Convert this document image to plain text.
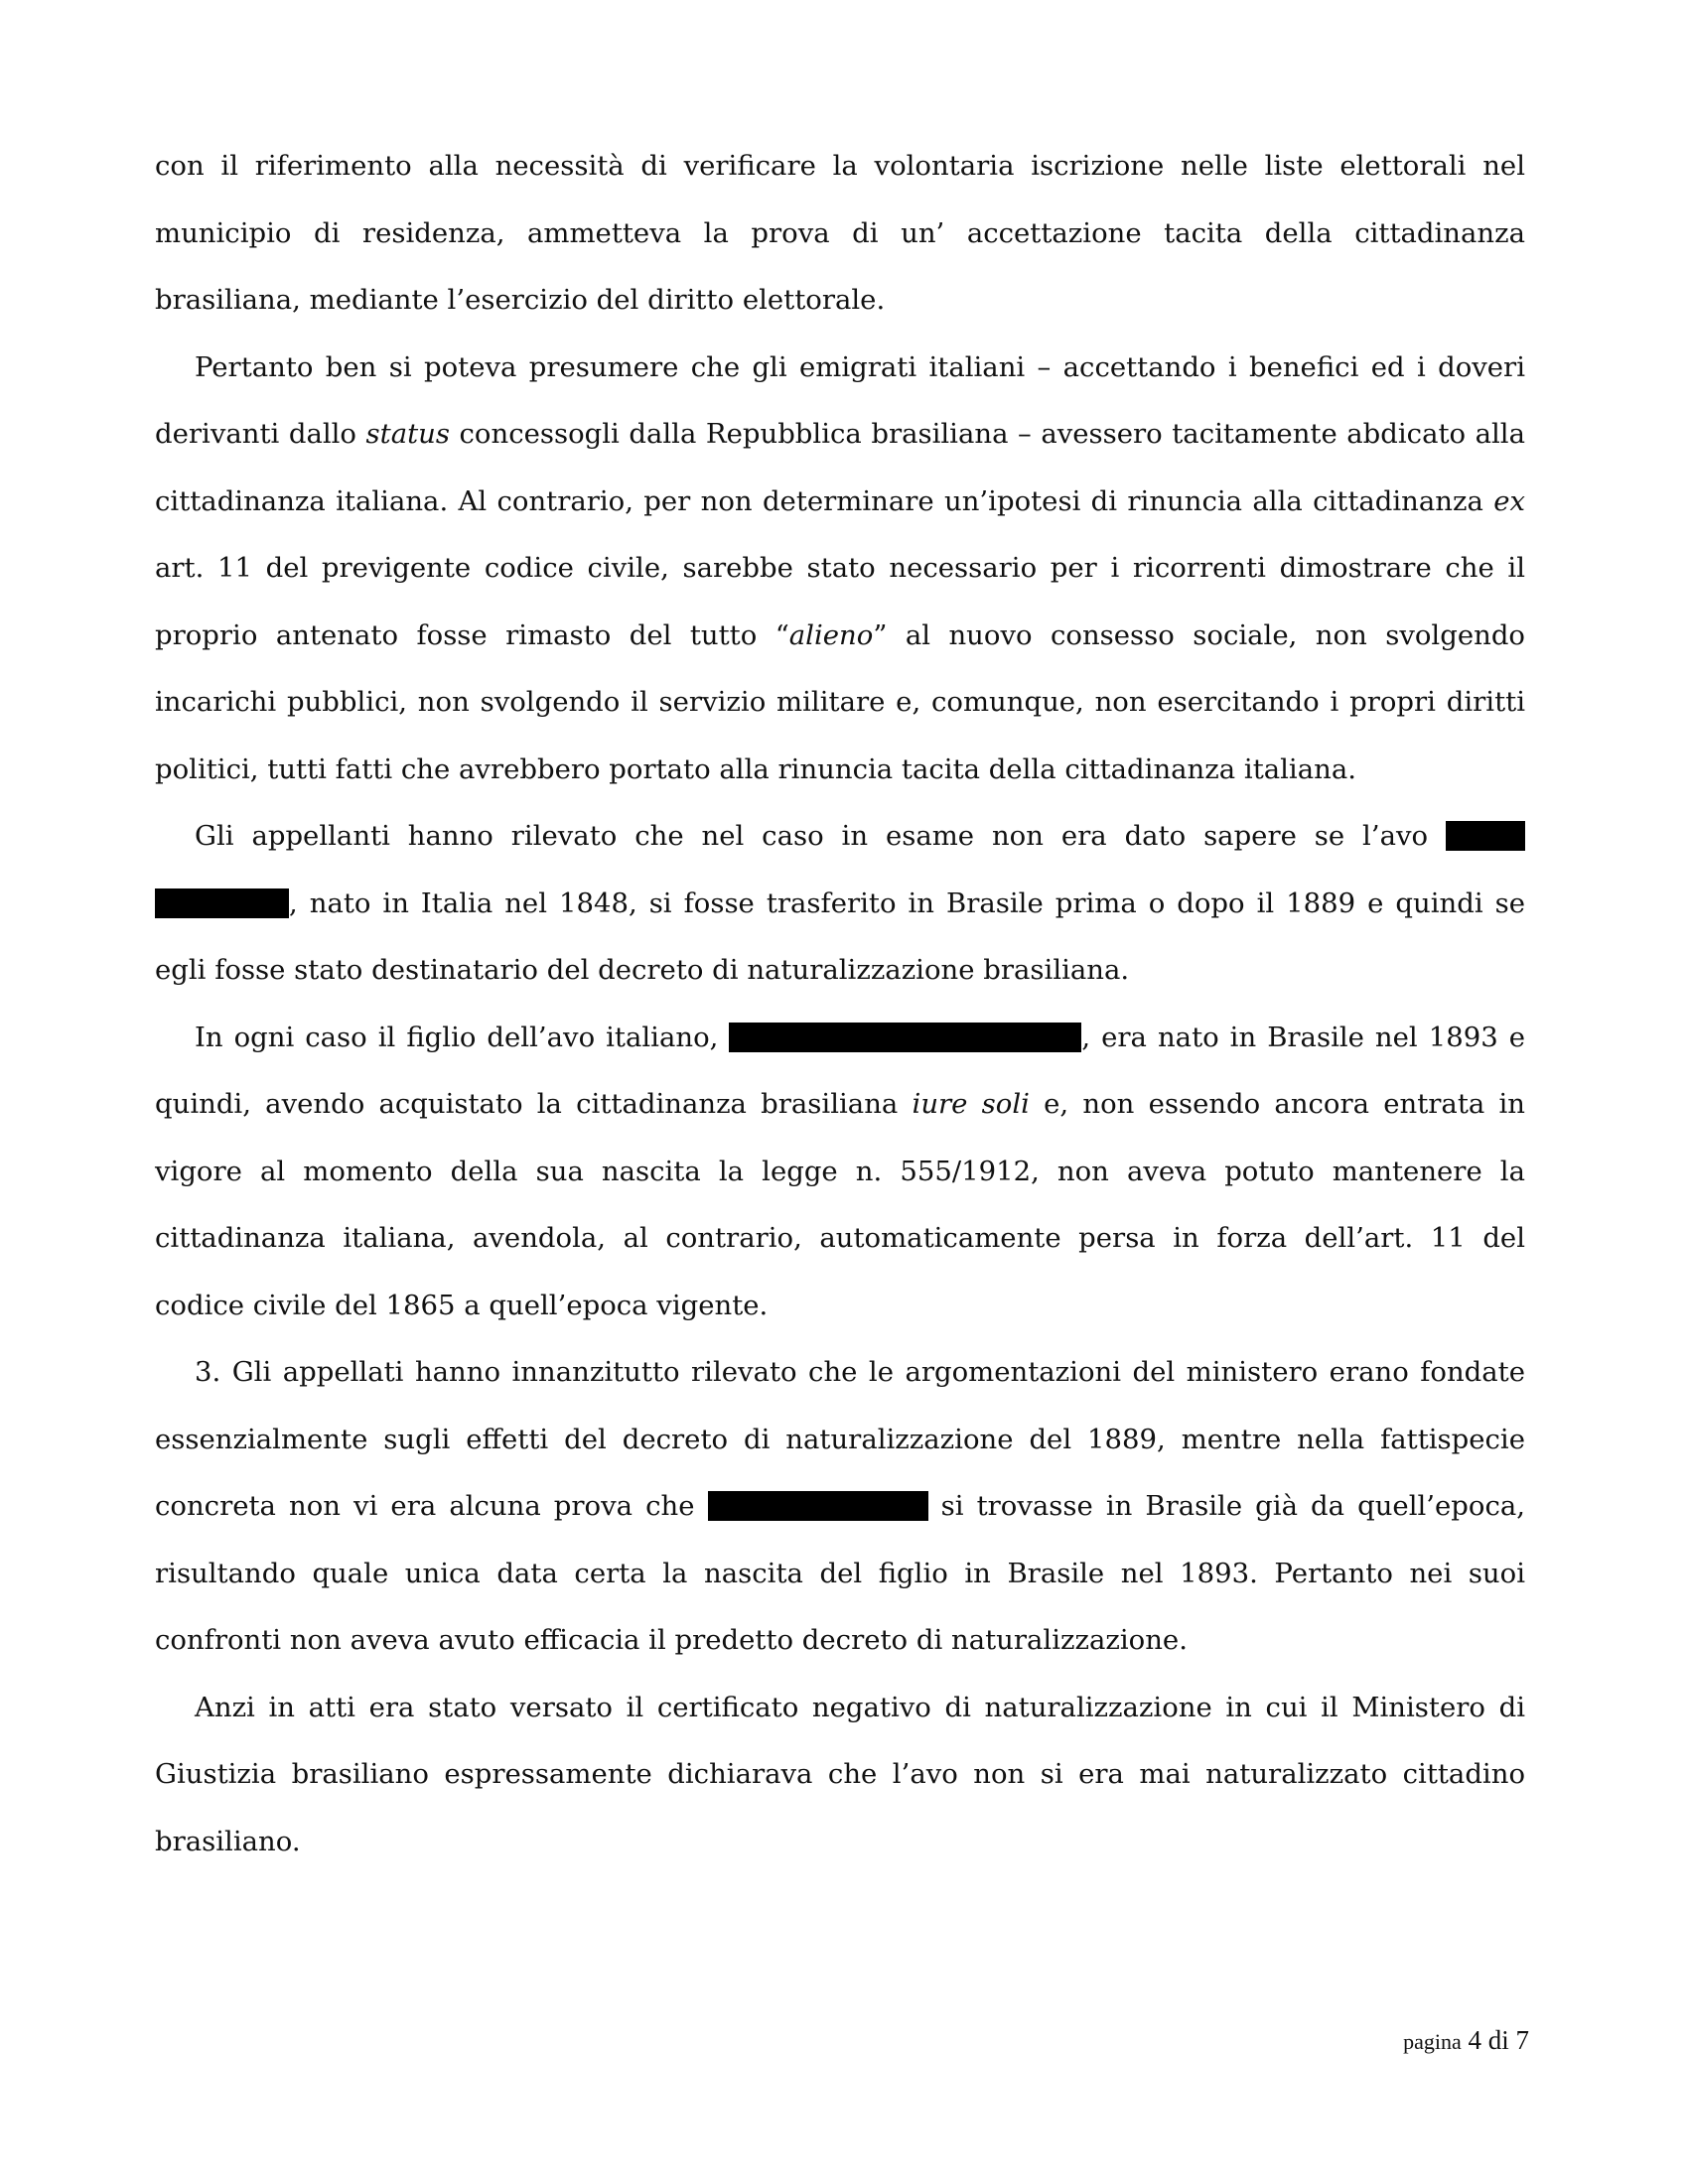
con il riferimento alla necessità di verificare la volontaria iscrizione nelle liste elettorali nel municipio di residenza, ammetteva la prova di un’ accettazione tacita della cittadinanza brasiliana, mediante l’esercizio del diritto elettorale.

Pertanto ben si poteva presumere che gli emigrati italiani – accettando i benefici ed i doveri derivanti dallo status concessogli dalla Repubblica brasiliana – avessero tacitamente abdicato alla cittadinanza italiana. Al contrario, per non determinare un’ipotesi di rinuncia alla cittadinanza ex art. 11 del previgente codice civile, sarebbe stato necessario per i ricorrenti dimostrare che il proprio antenato fosse rimasto del tutto “alieno” al nuovo consesso sociale, non svolgendo incarichi pubblici, non svolgendo il servizio militare e, comunque, non esercitando i propri diritti politici, tutti fatti che avrebbero portato alla rinuncia tacita della cittadinanza italiana.

Gli appellanti hanno rilevato che nel caso in esame non era dato sapere se l’avo  , nato in Italia nel 1848, si fosse trasferito in Brasile prima o dopo il 1889 e quindi se egli fosse stato destinatario del decreto di naturalizzazione brasiliana.

In ogni caso il figlio dell’avo italiano,	, era nato in Brasile nel 1893 e quindi, avendo acquistato la cittadinanza brasiliana iure soli e, non essendo ancora entrata in vigore al momento della sua nascita la legge n. 555/1912, non aveva potuto mantenere la cittadinanza italiana, avendola, al contrario, automaticamente persa in forza dell’art. 11 del codice civile del 1865 a quell’epoca vigente.

3. Gli appellati hanno innanzitutto rilevato che le argomentazioni del ministero erano fondate essenzialmente sugli effetti del decreto di naturalizzazione del 1889, mentre nella fattispecie concreta non vi era alcuna prova che	si trovasse in Brasile già da quell’epoca, risultando quale unica data certa la nascita del figlio in Brasile nel 1893. Pertanto nei suoi confronti non aveva avuto efficacia il predetto decreto di naturalizzazione.

Anzi in atti era stato versato il certificato negativo di naturalizzazione in cui il Ministero di Giustizia brasiliano espressamente dichiarava che l’avo non si era mai naturalizzato cittadino brasiliano.

pagina 4 di 7
